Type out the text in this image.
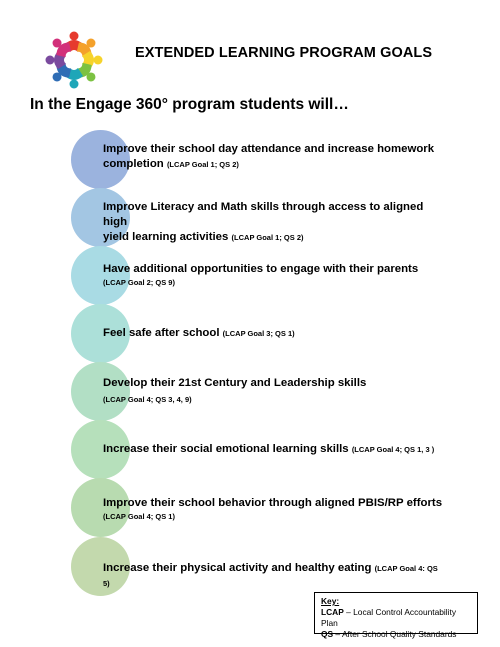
EXTENDED LEARNING PROGRAM GOALS
In the Engage 360° program students will…
Improve their school day attendance and increase homework
completion (LCAP Goal 1; QS 2)
Improve Literacy and Math skills through access to aligned high
yield learning activities (LCAP Goal 1; QS 2)
Have additional opportunities to engage with their parents
(LCAP Goal 2; QS 9)
Feel safe after school (LCAP Goal 3; QS 1)
Develop their 21st Century and Leadership skills
(LCAP Goal 4; QS 3, 4, 9)
Increase their social emotional learning skills (LCAP Goal 4; QS 1, 3 )
Improve their school behavior through aligned PBIS/RP efforts
(LCAP Goal 4; QS 1)
Increase their physical activity and healthy eating (LCAP Goal 4: QS 5)
Key:
LCAP – Local Control Accountability Plan
QS – After School Quality Standards
